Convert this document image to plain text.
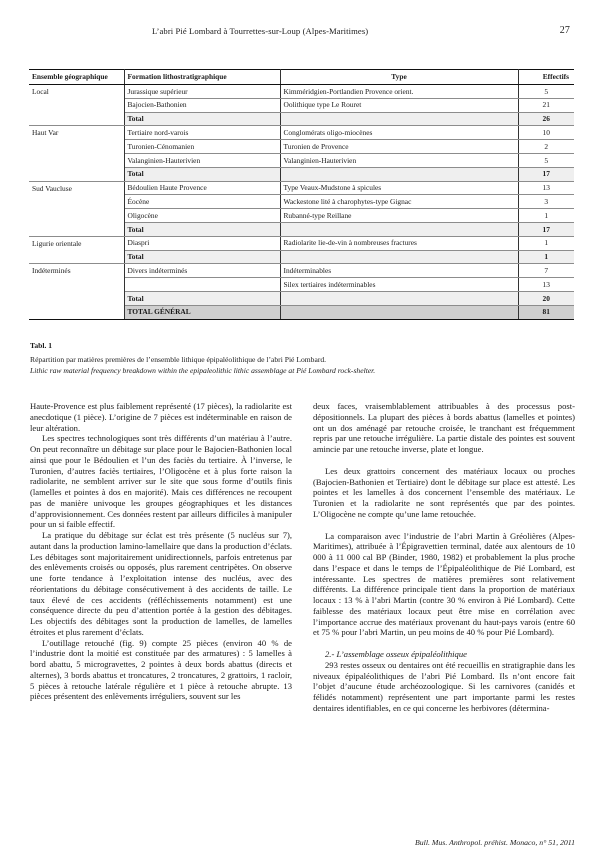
L’abri Pié Lombard à Tourrettes-sur-Loup (Alpes-Maritimes)	27
Ensemble géographique	Formation lithostratigraphique	Type	Effectifs
Local	Jurassique supérieur	Kimméridgien-Portlandien Provence orient.	5
	Bajocien-Bathonien	Oolithique type Le Rouret	21
	Total		26
Haut Var	Tertiaire nord-varois	Conglomérats oligo-miocènes	10
	Turonien-Cénomanien	Turonien de Provence	2
	Valanginien-Hauterivien	Valanginien-Hauterivien	5
	Total		17
Sud Vaucluse	Bédoulien Haute Provence	Type Veaux-Mudstone à spicules	13
	Éocène	Wackestone lité à charophytes-type Gignac	3
	Oligocène	Rubanné-type Reillane	1
	Total		17
Ligurie orientale	Diaspri	Radiolarite lie-de-vin à nombreuses fractures	1
	Total		1
Indéterminés	Divers indéterminés	Indéterminables	7
		Silex tertiaires indéterminables	13
	Total		20
	TOTAL GÉNÉRAL		81
Tabl. 1
Répartition par matières premières de l’ensemble lithique épipaléolithique de l’abri Pié Lombard.
Lithic raw material frequency breakdown within the epipaleolithic lithic assemblage at Pié Lombard rock-shelter.

Haute-Provence est plus faiblement représenté (17 pièces), la radiolarite est anecdotique (1 pièce). L’origine de 7 pièces est indéterminable en raison de leur altération.

Les spectres technologiques sont très différents d’un matériau à l’autre. On peut reconnaître un débitage sur place pour le Bajocien-Bathonien local ainsi que pour le Bédoulien et l’un des faciès du tertiaire. À l’inverse, le Turonien, d’autres faciès tertiaires, l’Oligocène et à plus forte raison la radiolarite, ne semblent arriver sur le site que sous forme d’outils finis (lamelles et pointes à dos en majorité). Mais ces différences ne recoupent pas de manière univoque les groupes géographiques et les distances d’approvisionnement. Ces données restent par ailleurs difficiles à manipuler pour un si faible effectif.

La pratique du débitage sur éclat est très présente (5 nucléus sur 7), autant dans la production lamino-lamellaire que dans la production d’éclats. Les débitages sont majoritairement unidirectionnels, parfois entretenus par des enlèvements croisés ou opposés, plus rarement centripètes. On observe une forte tendance à l’exploitation intense des nucléus, avec des réorientations du débitage consécutivement à des accidents de taille. Le taux élevé de ces accidents (réfléchissements notamment) est une conséquence directe du peu d’attention portée à la gestion des débitages. Les objectifs des débitages sont la production de lamelles, de lamelles étroites et plus rarement d’éclats.

L’outillage retouché (fig. 9) compte 25 pièces (environ 40 % de l’industrie dont la moitié est constituée par des armatures) : 5 lamelles à bord abattu, 5 microgravettes, 2 pointes à deux bords abattus (directs et alternes), 3 bords abattus et troncatures, 2 troncatures, 2 grattoirs, 1 racloir, 5 pièces à retouche latérale régulière et 1 pièce à retouche abrupte. 13 pièces présentent des enlèvements irréguliers, souvent sur les

deux faces, vraisemblablement attribuables à des processus post-dépositionnels. La plupart des pièces à bords abattus (lamelles et pointes) ont un dos aménagé par retouche croisée, le tranchant est fréquemment repris par une retouche irrégulière. La partie distale des pointes est souvent amincie par une retouche inverse, plate et longue.

Les deux grattoirs concernent des matériaux locaux ou proches (Bajocien-Bathonien et Tertiaire) dont le débitage sur place est attesté. Les pointes et les lamelles à dos concernent l’ensemble des matériaux. Le Turonien et la radiolarite ne sont représentés que par des pointes. L’Oligocène ne compte qu’une lame retouchée.

La comparaison avec l’industrie de l’abri Martin à Gréolières (Alpes-Maritimes), attribuée à l’Épigravettien terminal, datée aux alentours de 10 000 à 11 000 cal BP (Binder, 1980, 1982) et probablement la plus proche dans l’espace et dans le temps de l’Épipaléolithique de Pié Lombard, est intéressante. Les spectres de matières premières sont relativement différents. La différence principale tient dans la proportion de matériaux locaux : 13 % à l’abri Martin (contre 30 % environ à Pié Lombard). Cette faiblesse des matériaux locaux peut être mise en corrélation avec l’importance accrue des matériaux provenant du haut-pays varois (entre 60 et 75 % pour l’abri Martin, un peu moins de 40 % pour Pié Lombard).

2.- L’assemblage osseux épipaléolithique

293 restes osseux ou dentaires ont été recueillis en stratigraphie dans les niveaux épipaléolithiques de l’abri Pié Lombard. Ils n’ont encore fait l’objet d’aucune étude archéozoologique. Si les carnivores (canidés et félidés notamment) représentent une part importante parmi les restes dentaires identifiables, en ce qui concerne les herbivores (détermina-

Bull. Mus. Anthropol. préhist. Monaco, n° 51, 2011
